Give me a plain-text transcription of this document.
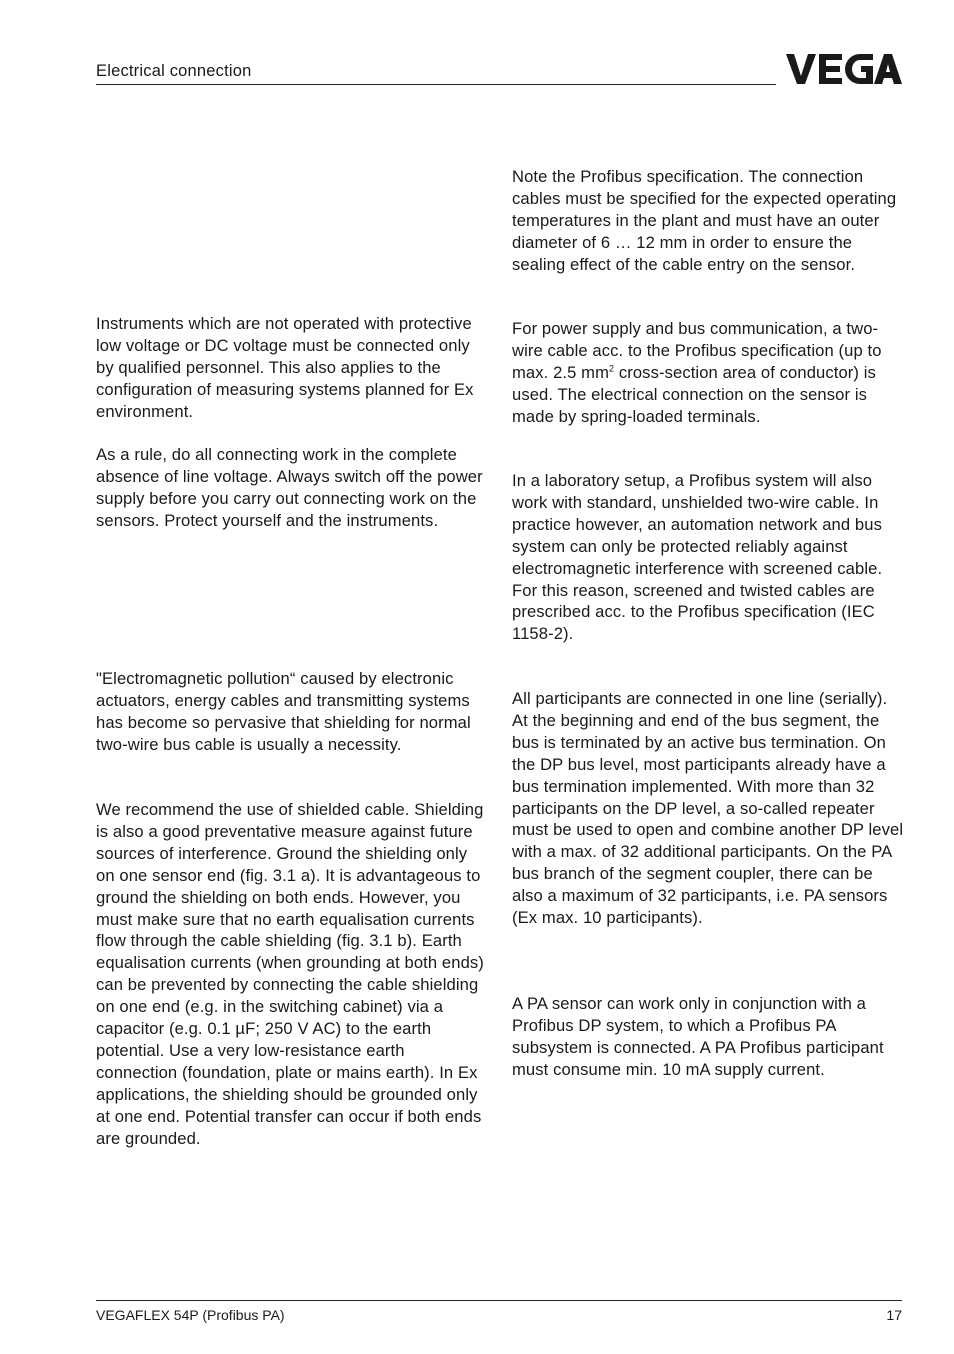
Electrical connection
Instruments which are not operated with protective low voltage or DC voltage must be connected only by qualified personnel. This also applies to the configuration of measuring systems planned for Ex environment.
As a rule, do all connecting work in the complete absence of line voltage. Always switch off the power supply before you carry out connecting work on the sensors. Protect yourself and the instruments.
"Electromagnetic pollution“ caused by electronic actuators, energy cables and transmitting systems has become so pervasive that shielding for normal two-wire bus cable is usually a necessity.
We recommend the use of shielded cable. Shielding is also a good preventative measure against future sources of interference. Ground the shielding only on one sensor end (fig. 3.1 a). It is advantageous to ground the shielding on both ends. However, you must make sure that no earth equalisation currents flow through the cable shielding (fig. 3.1 b). Earth equalisation currents (when grounding at both ends) can be prevented by connecting the cable shielding on one end (e.g. in the switching cabinet) via a capacitor (e.g. 0.1 µF; 250 V AC) to the earth potential. Use a very low-resistance earth connection (foundation, plate or mains earth). In Ex applications, the shielding should be grounded only at one end. Potential transfer can occur if both ends are grounded.
Note the Profibus specification. The connection cables must be specified for the expected operating temperatures in the plant and must have an outer diameter of 6 … 12 mm in order to ensure the sealing effect of the cable entry on the sensor.
For power supply and bus communication, a two-wire cable acc. to the Profibus specification (up to max. 2.5 $mm^2$ cross-section area of conductor) is used. The electrical connection on the sensor is made by spring-loaded terminals.
In a laboratory setup, a Profibus system will also work with standard, unshielded two-wire cable. In practice however, an automation network and bus system can only be protected reliably against electromagnetic interference with screened cable. For this reason, screened and twisted cables are prescribed acc. to the Profibus specification (IEC 1158-2).
All participants are connected in one line (serially). At the beginning and end of the bus segment, the bus is terminated by an active bus termination. On the DP bus level, most participants already have a bus termination implemented. With more than 32 participants on the DP level, a so-called repeater must be used to open and combine another DP level with a max. of 32 additional participants. On the PA bus branch of the segment coupler, there can be also a maximum of 32 participants, i.e. PA sensors (Ex max. 10 participants).
A PA sensor can work only in conjunction with a Profibus DP system, to which a Profibus PA subsystem is connected. A PA Profibus participant must consume min. 10 mA supply current.
VEGAFLEX 54P (Profibus PA)	17
